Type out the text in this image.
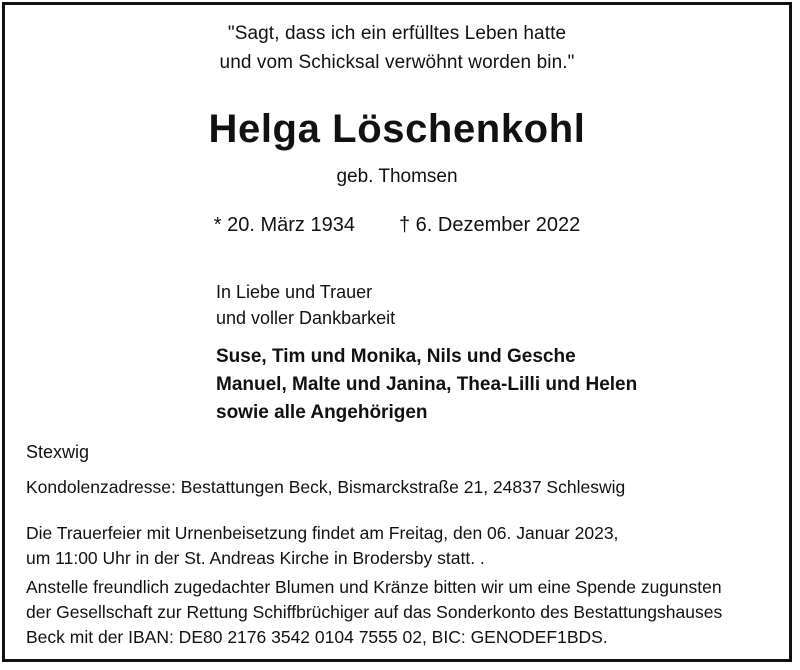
"Sagt, dass ich ein erfülltes Leben hatte
und vom Schicksal verwöhnt worden bin."
Helga Löschenkohl
geb. Thomsen
* 20. März 1934 † 6. Dezember 2022
In Liebe und Trauer
und voller Dankbarkeit
Suse, Tim und Monika, Nils und Gesche
Manuel, Malte und Janina, Thea-Lilli und Helen
sowie alle Angehörigen
Stexwig
Kondolenzadresse: Bestattungen Beck, Bismarckstraße 21, 24837 Schleswig
Die Trauerfeier mit Urnenbeisetzung findet am Freitag, den 06. Januar 2023,
um 11:00 Uhr in der St. Andreas Kirche in Brodersby statt. .
Anstelle freundlich zugedachter Blumen und Kränze bitten wir um eine Spende zugunsten
der Gesellschaft zur Rettung Schiffbrüchiger auf das Sonderkonto des Bestattungshauses
Beck mit der IBAN: DE80 2176 3542 0104 7555 02, BIC: GENODEF1BDS.
